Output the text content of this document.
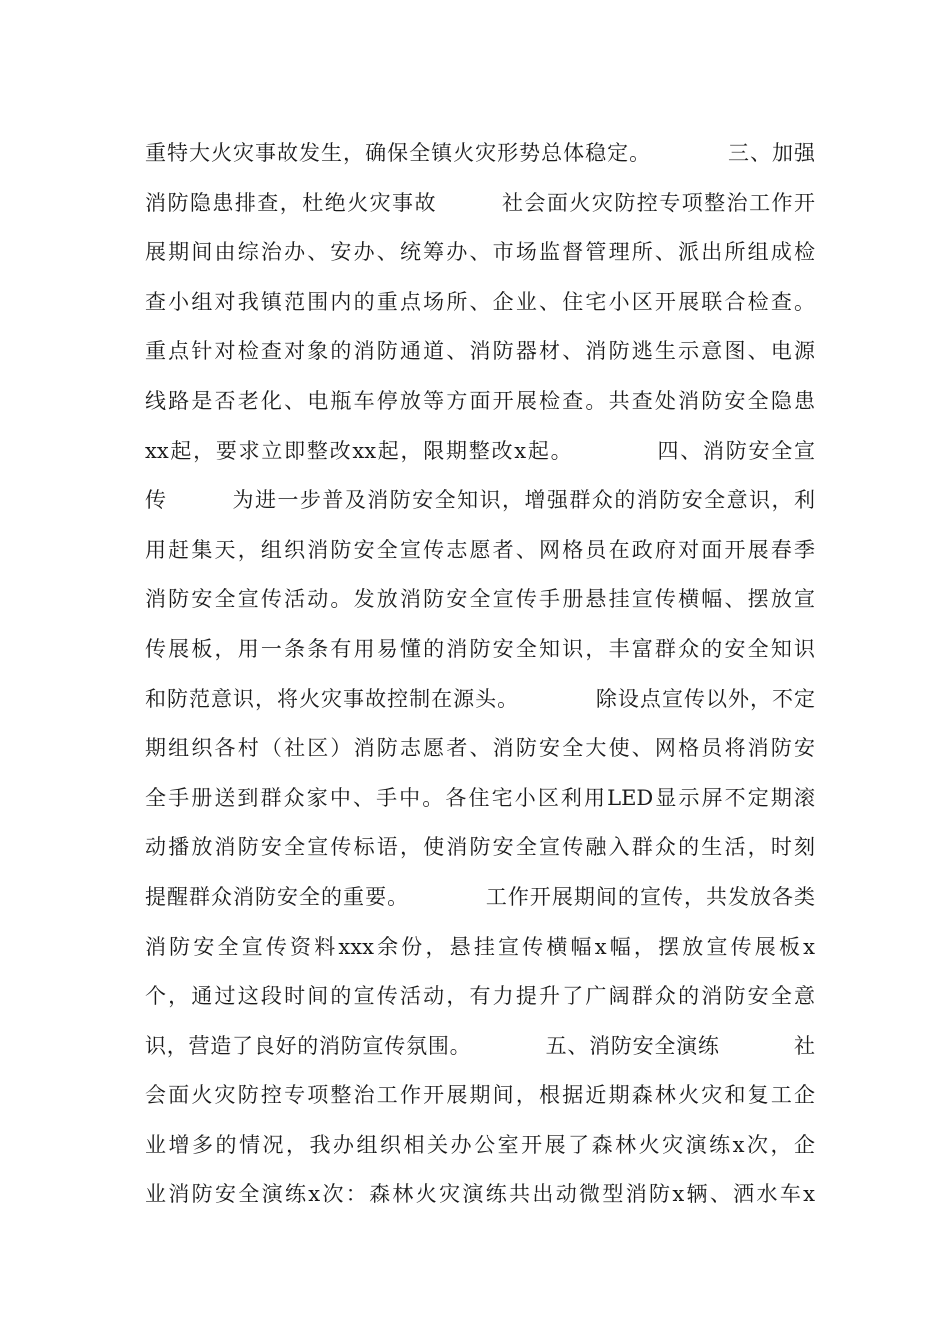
重特大火灾事故发生，确保全镇火灾形势总体稳定。          三、加强
消防隐患排查，杜绝火灾事故        社会面火灾防控专项整治工作开
展期间由综治办、安办、统筹办、市场监督管理所、派出所组成检
查小组对我镇范围内的重点场所、企业、住宅小区开展联合检查。
重点针对检查对象的消防通道、消防器材、消防逃生示意图、电源
线路是否老化、电瓶车停放等方面开展检查。共查处消防安全隐患
xx起，要求立即整改xx起，限期整改x起。          四、消防安全宣
传        为进一步普及消防安全知识，增强群众的消防安全意识，利
用赶集天，组织消防安全宣传志愿者、网格员在政府对面开展春季
消防安全宣传活动。发放消防安全宣传手册悬挂宣传横幅、摆放宣
传展板，用一条条有用易懂的消防安全知识，丰富群众的安全知识
和防范意识，将火灾事故控制在源头。          除设点宣传以外，不定
期组织各村（社区）消防志愿者、消防安全大使、网格员将消防安
全手册送到群众家中、手中。各住宅小区利用LED显示屏不定期滚
动播放消防安全宣传标语，使消防安全宣传融入群众的生活，时刻
提醒群众消防安全的重要。          工作开展期间的宣传，共发放各类
消防安全宣传资料xxx余份，悬挂宣传横幅x幅，摆放宣传展板x
个，通过这段时间的宣传活动，有力提升了广阔群众的消防安全意
识，营造了良好的消防宣传氛围。          五、消防安全演练          社
会面火灾防控专项整治工作开展期间，根据近期森林火灾和复工企
业增多的情况，我办组织相关办公室开展了森林火灾演练x次，企
业消防安全演练x次：森林火灾演练共出动微型消防x辆、洒水车x
